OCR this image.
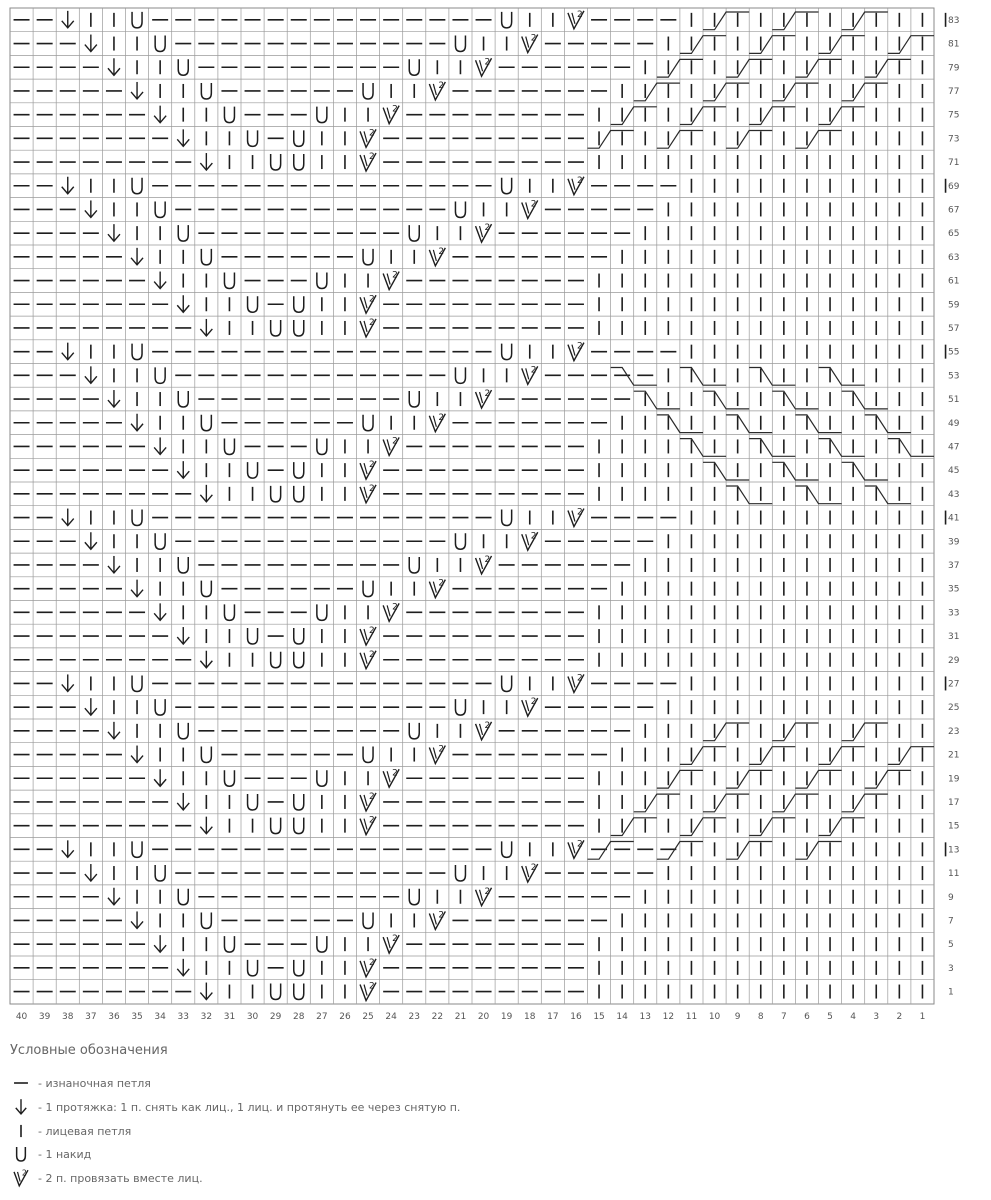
2
2
2
2
2
2
2
2
2
2
2
2
2
2
2
2
2
2
2
2
2
2
2
2
2
2
2
2
2
2
2
2
2
2
2
2
2
2
2
2
2
2
83
81
79
77
75
73
71
69
67
65
63
61
59
57
55
53
51
49
47
45
43
41
39
37
35
33
31
29
27
25
23
21
19
17
15
13
11
9
7
5
3
1
40 39 38 37 36 35 34 33 32 31 30 29 28 27 26 25 24 23 22 21 20 19 18 17 16 15 14 13 12 11 10 9 8 7 6 5 4 3 2 1
Условные обозначения
- изнаночная петля
- 1 протяжка: 1 п. снять как лиц., 1 лиц. и протянуть ее через снятую п.
- лицевая петля
- 1 накид
2 - 2 п. провязать вместе лиц.
